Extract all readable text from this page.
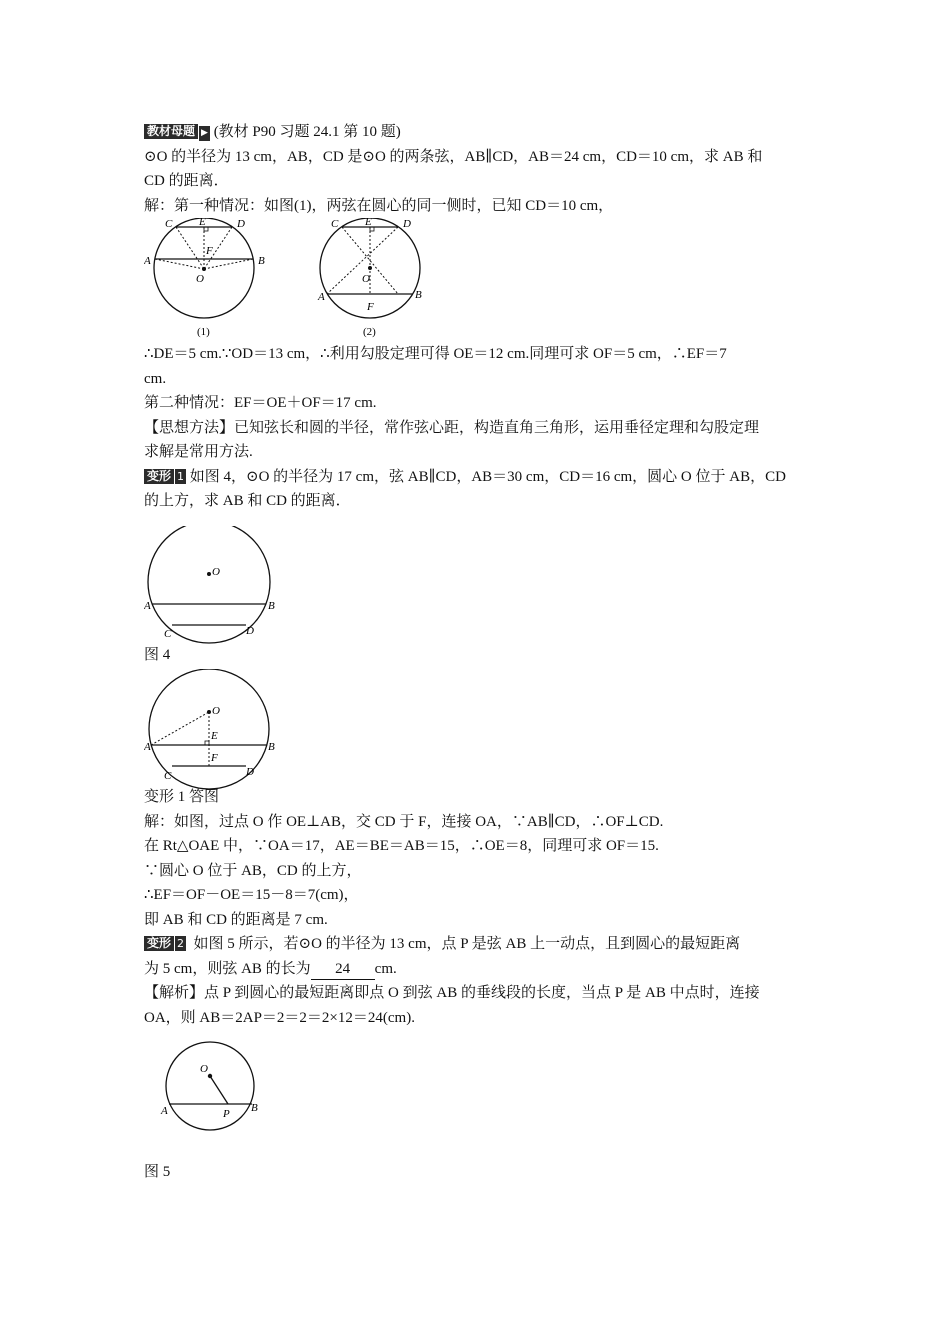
教材母题 ▶ (教材 P90 习题 24.1 第 10 题)
⊙O 的半径为 13 cm，AB，CD 是⊙O 的两条弦，AB∥CD，AB＝24 cm，CD＝10 cm，求 AB 和
CD 的距离．
解：第一种情况：如图(1)，两弦在圆心的同一侧时，已知 CD＝10 cm，
C E	D
A	B
F
O
(1)
C E	D
O
A	B
F
(2)
∴DE＝5 cm.∵OD＝13 cm，∴利用勾股定理可得 OE＝12 cm.同理可求 OF＝5 cm，∴EF＝7
cm.
第二种情况：EF＝OE＋OF＝17 cm.
【思想方法】已知弦长和圆的半径，常作弦心距，构造直角三角形，运用垂径定理和勾股定理
求解是常用方法.
变形 1 如图 4，⊙O 的半径为 17 cm，弦 AB∥CD，AB＝30 cm，CD＝16 cm，圆心 O 位于 AB，CD
的上方，求 AB 和 CD 的距离．
O
A	B
C	D
图 4
O
E
A	B
F
C	D
变形 1 答图
解：如图，过点 O 作 OE⊥AB，交 CD 于 F，连接 OA，∵AB∥CD，∴OF⊥CD.
在 Rt△OAE 中，∵OA＝17，AE＝BE＝AB＝15，∴OE＝8，同理可求 OF＝15.
∵圆心 O 位于 AB，CD 的上方，
∴EF＝OF－OE＝15－8＝7(cm)，
即 AB 和 CD 的距离是 7 cm.
变形 2 如图 5 所示，若⊙O 的半径为 13 cm，点 P 是弦 AB 上一动点，且到圆心的最短距离
为 5 cm，则弦 AB 的长为 24 cm.
【解析】点 P 到圆心的最短距离即点 O 到弦 AB 的垂线段的长度，当点 P 是 AB 中点时，连接
OA，则 AB＝2AP＝2＝2＝2×12＝24(cm).
O
A	B
P
图 5
